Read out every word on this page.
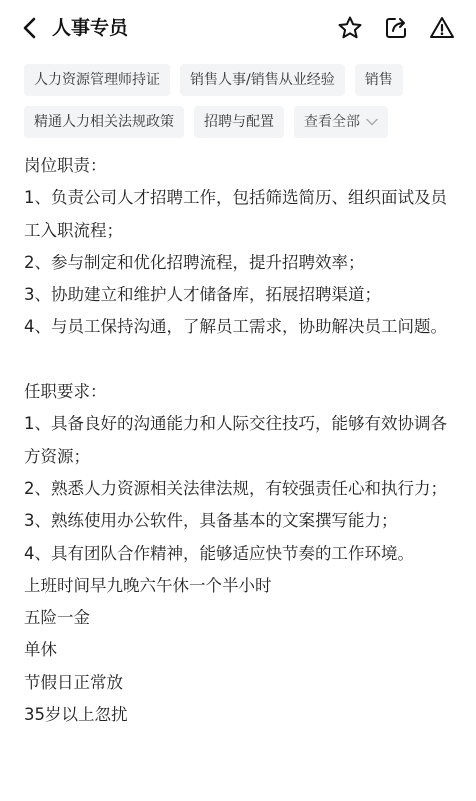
人事专员
人力资源管理师持证	销售人事/销售从业经验	销售
精通人力相关法规政策	招聘与配置	查看全部
岗位职责：
1、负责公司人才招聘工作，包括筛选简历、组织面试及员工入职流程；
2、参与制定和优化招聘流程，提升招聘效率；
3、协助建立和维护人才储备库，拓展招聘渠道；
4、与员工保持沟通，了解员工需求，协助解决员工问题。
任职要求：
1、具备良好的沟通能力和人际交往技巧，能够有效协调各方资源；
2、熟悉人力资源相关法律法规，有较强责任心和执行力；
3、熟练使用办公软件，具备基本的文案撰写能力；
4、具有团队合作精神，能够适应快节奏的工作环境。
上班时间早九晚六午休一个半小时
五险一金
单休
节假日正常放
35岁以上忽扰
